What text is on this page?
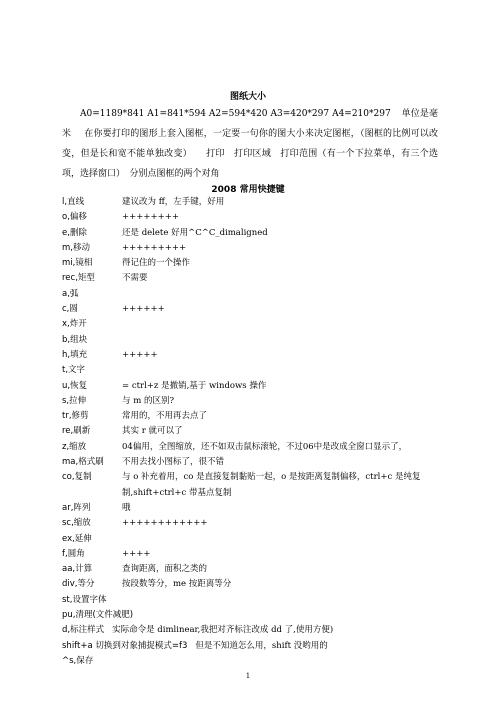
图纸大小
A0=1189*841 A1=841*594 A2=594*420 A3=420*297 A4=210*297 单位是毫米 在你要打印的图形上套入图框，一定要一句你的图大小来决定图框，（图框的比例可以改变，但是长和宽不能单独改变）　　打印　打印区域　打印范围（有一个下拉菜单，有三个选项，选择窗口）　分别点图框的两个对角
2008 常用快捷键
l,直线	建议改为 ff，左手键，好用
o,偏移	++++++++
e,删除	还是 delete 好用^C^C_dimaligned
m,移动	+++++++++
mi,镜相	得记住的一个操作
rec,矩型	不需要
a,弧
c,圆	++++++
x,炸开
b,组块
h,填充	+++++
t,文字
u,恢复	= ctrl+z 是撤销,基于 windows 操作
s,拉伸	与 m 的区别?
tr,修剪	常用的，不用再去点了
re,刷新	其实 r 就可以了
z,缩放	04偏用，全图缩放，还不如双击鼠标滚轮，不过06中是改成全窗口显示了，
ma,格式刷	不用去找小图标了，很不错
co,复制	与 o 补充着用，co 是直接复制黏贴一起，o 是按距离复制偏移，ctrl+c 是纯复制,shift+ctrl+c 带基点复制
ar,阵列	哦
sc,缩放	++++++++++++
ex,延伸
f,圆角	++++
aa,计算	查询距离，面积之类的
div,等分	按段数等分，me 按距离等分
st,设置字体
pu,清理(文件减肥)
d,标注样式 实际命令是 dimlinear,我把对齐标注改成 dd 了,使用方便)
shift+a 切换到对象捕捉模式=f3 但是不知道怎么用，shift 没哟用的
^s,保存
1
